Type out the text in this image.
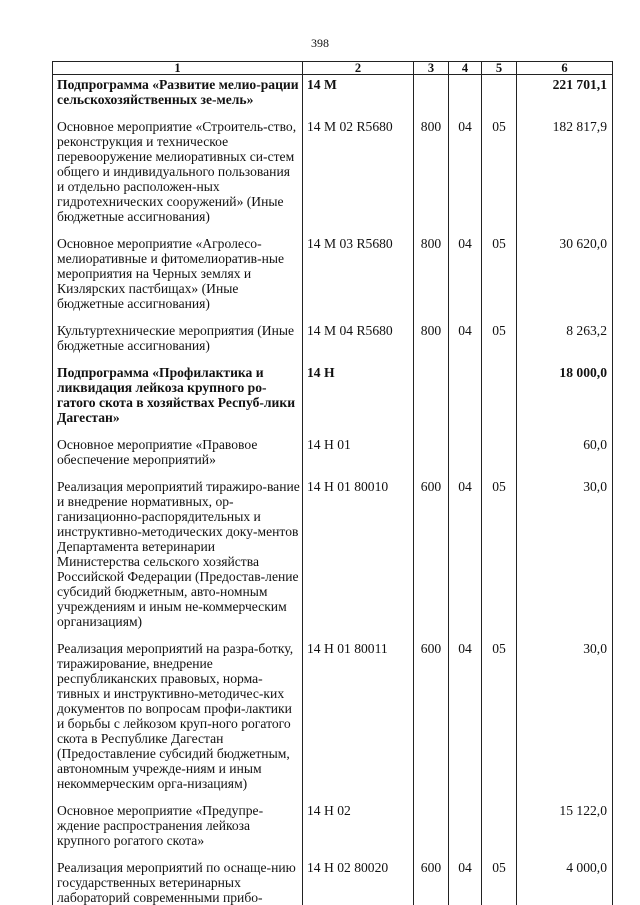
398
1	2	3	4	5	6
Подпрограмма «Развитие мелио-рации сельскохозяйственных зе-мель»	14 М				221 701,1
Основное мероприятие «Строитель-ство, реконструкция и техническое перевооружение мелиоративных си-стем общего и индивидуального пользования и отдельно расположен-ных гидротехнических сооружений» (Иные бюджетные ассигнования)	14 М 02 R5680	800	04	05	182 817,9
Основное мероприятие «Агролесо-мелиоративные и фитомелиоратив-ные мероприятия на Черных землях и Кизлярских пастбищах» (Иные бюджетные ассигнования)	14 М 03 R5680	800	04	05	30 620,0
Культуртехнические мероприятия (Иные бюджетные ассигнования)	14 М 04 R5680	800	04	05	8 263,2
Подпрограмма «Профилактика и ликвидация лейкоза крупного ро-гатого скота в хозяйствах Респуб-лики Дагестан»	14 Н				18 000,0
Основное мероприятие «Правовое обеспечение мероприятий»	14 Н 01				60,0
Реализация мероприятий тиражиро-вание и внедрение нормативных, ор-ганизационно-распорядительных и инструктивно-методических доку-ментов Департамента ветеринарии Министерства сельского хозяйства Российской Федерации (Предостав-ление субсидий бюджетным, авто-номным учреждениям и иным не-коммерческим организациям)	14 Н 01 80010	600	04	05	30,0
Реализация мероприятий на разра-ботку, тиражирование, внедрение республиканских правовых, норма-тивных и инструктивно-методичес-ких документов по вопросам профи-лактики и борьбы с лейкозом круп-ного рогатого скота в Республике Дагестан (Предоставление субсидий бюджетным, автономным учрежде-ниям и иным некоммерческим орга-низациям)	14 Н 01 80011	600	04	05	30,0
Основное мероприятие «Предупре-ждение распространения лейкоза крупного рогатого скота»	14 Н 02				15 122,0
Реализация мероприятий по оснаще-нию государственных ветеринарных лабораторий современными прибо-	14 Н 02 80020	600	04	05	4 000,0
